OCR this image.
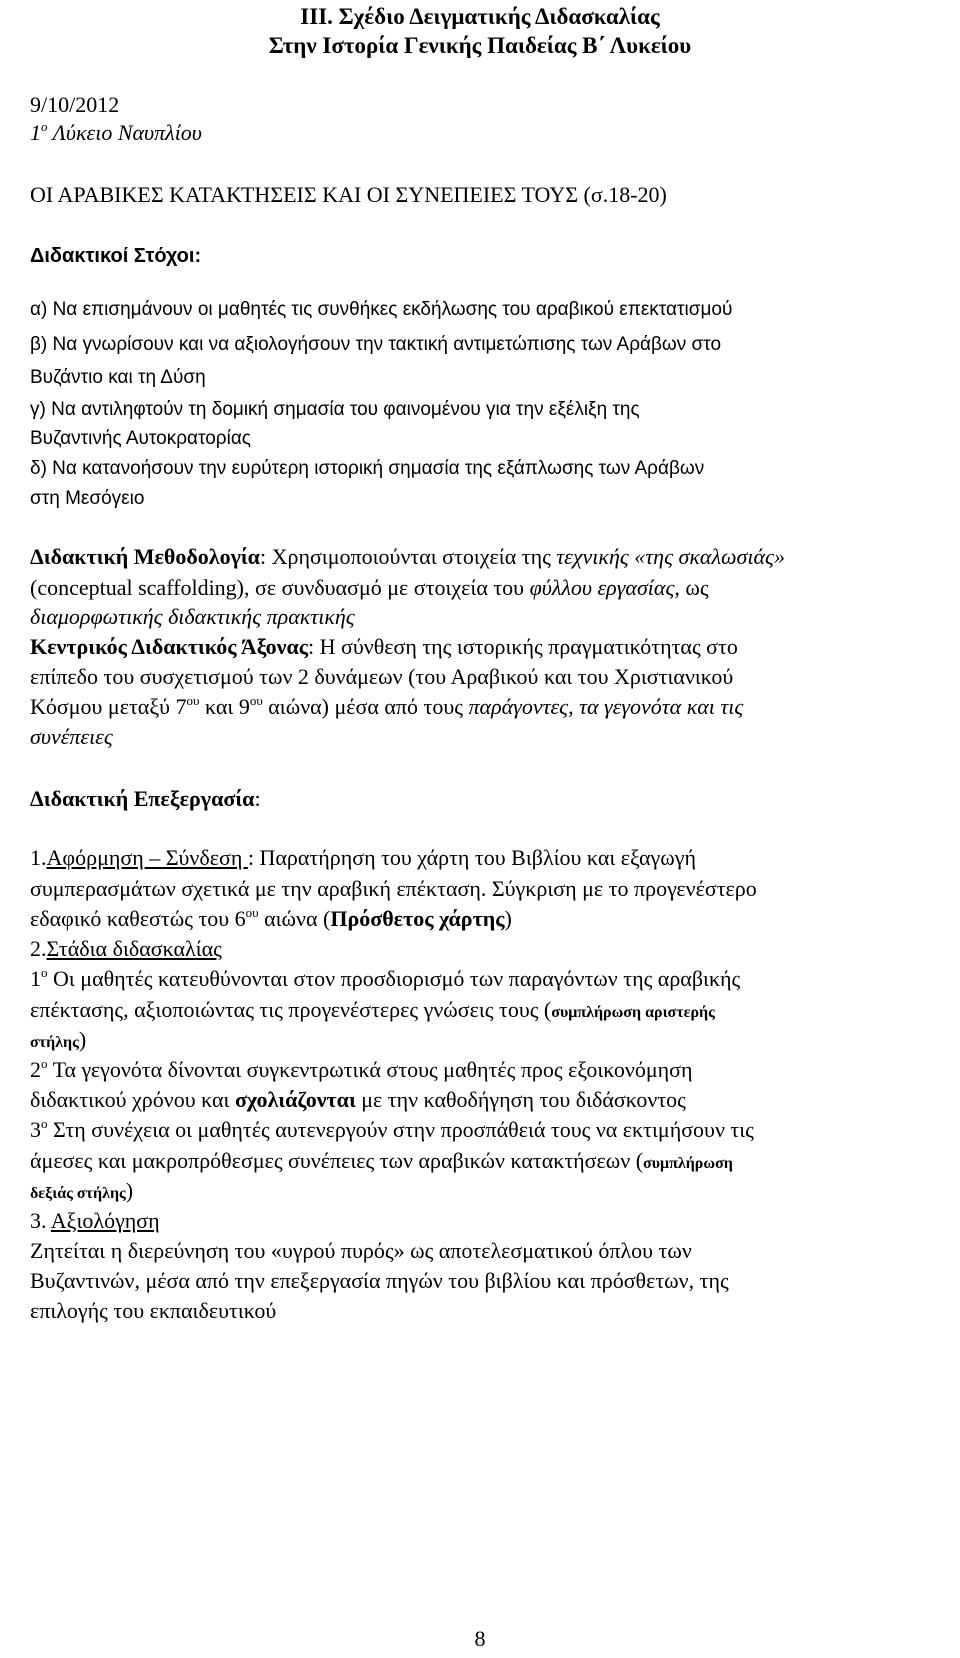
III. Σχέδιο Δειγματικής Διδασκαλίας
Στην Ιστορία Γενικής Παιδείας Β΄ Λυκείου
9/10/2012
$1^o$ Λύκειο Ναυπλίου
ΟΙ ΑΡΑΒΙΚΕΣ ΚΑΤΑΚΤΗΣΕΙΣ ΚΑΙ ΟΙ ΣΥΝΕΠΕΙΕΣ ΤΟΥΣ (σ.18-20)
Διδακτικοί Στόχοι:
α) Να επισημάνουν οι μαθητές τις συνθήκες εκδήλωσης του αραβικού επεκτατισμού
β) Να γνωρίσουν και να αξιολογήσουν την τακτική αντιμετώπισης των Αράβων στο
Βυζάντιο και τη Δύση
γ) Να αντιληφτούν τη δομική σημασία του φαινομένου για την εξέλιξη της
Βυζαντινής Αυτοκρατορίας
δ) Να κατανοήσουν την ευρύτερη ιστορική σημασία της εξάπλωσης των Αράβων
στη Μεσόγειο
Διδακτική Μεθοδολογία: Χρησιμοποιούνται στοιχεία της τεχνικής «της σκαλωσιάς»
(conceptual scaffolding), σε συνδυασμό με στοιχεία του φύλλου εργασίας, ως
διαμορφωτικής διδακτικής πρακτικής
Κεντρικός Διδακτικός Άξονας: Η σύνθεση της ιστορικής πραγματικότητας στο
επίπεδο του συσχετισμού των 2 δυνάμεων (του Αραβικού και του Χριστιανικού
Κόσμου μεταξύ $7^{o\upsilon}$ και $9^{o\upsilon}$ αιώνα) μέσα από τους παράγοντες, τα γεγονότα και τις
συνέπειες
Διδακτική Επεξεργασία:
1.Αφόρμηση – Σύνδεση : Παρατήρηση του χάρτη του Βιβλίου και εξαγωγή
συμπερασμάτων σχετικά με την αραβική επέκταση. Σύγκριση με το προγενέστερο
εδαφικό καθεστώς του $6^{o\upsilon}$ αιώνα (Πρόσθετος χάρτης)
2.Στάδια διδασκαλίας
$1^o$ Οι μαθητές κατευθύνονται στον προσδιορισμό των παραγόντων της αραβικής
επέκτασης, αξιοποιώντας τις προγενέστερες γνώσεις τους (συμπλήρωση αριστερής
στήλης)
$2^o$ Τα γεγονότα δίνονται συγκεντρωτικά στους μαθητές προς εξοικονόμηση
διδακτικού χρόνου και σχολιάζονται με την καθοδήγηση του διδάσκοντος
$3^o$ Στη συνέχεια οι μαθητές αυτενεργούν στην προσπάθειά τους να εκτιμήσουν τις
άμεσες και μακροπρόθεσμες συνέπειες των αραβικών κατακτήσεων (συμπλήρωση
δεξιάς στήλης)
3. Αξιολόγηση
Ζητείται η διερεύνηση του «υγρού πυρός» ως αποτελεσματικού όπλου των
Βυζαντινών, μέσα από την επεξεργασία πηγών του βιβλίου και πρόσθετων, της
επιλογής του εκπαιδευτικού
8
